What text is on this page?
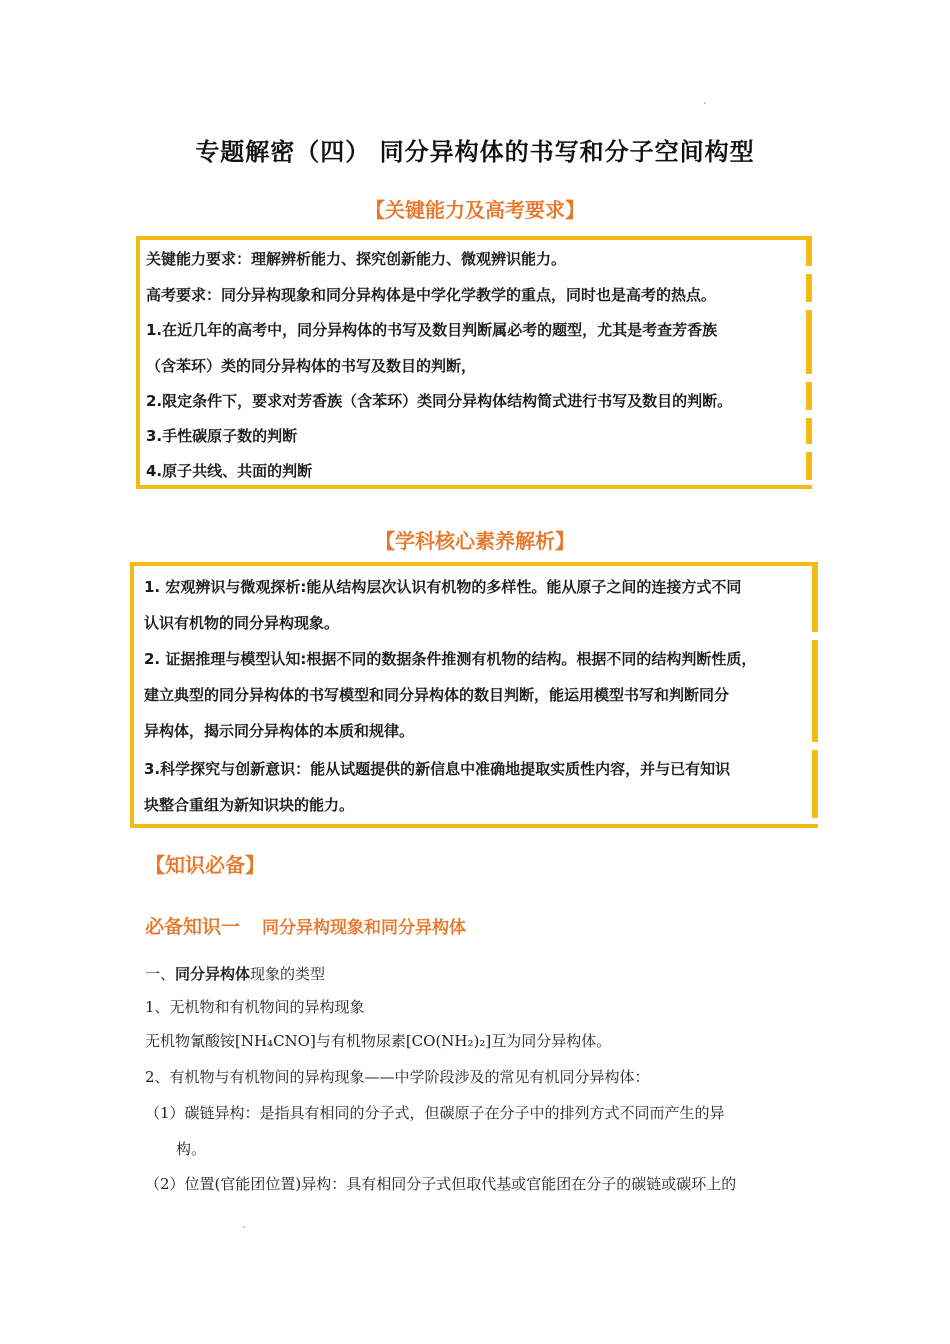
专题解密（四） 同分异构体的书写和分子空间构型
【关键能力及高考要求】
关键能力要求：理解辨析能力、探究创新能力、微观辨识能力。
高考要求：同分异构现象和同分异构体是中学化学教学的重点，同时也是高考的热点。
1.在近几年的高考中，同分异构体的书写及数目判断属必考的题型，尤其是考查芳香族
（含苯环）类的同分异构体的书写及数目的判断，
2.限定条件下，要求对芳香族（含苯环）类同分异构体结构简式进行书写及数目的判断。
3.手性碳原子数的判断
4.原子共线、共面的判断
【学科核心素养解析】
1. 宏观辨识与微观探析:能从结构层次认识有机物的多样性。能从原子之间的连接方式不同
认识有机物的同分异构现象。
2. 证据推理与模型认知:根据不同的数据条件推测有机物的结构。根据不同的结构判断性质，
建立典型的同分异构体的书写模型和同分异构体的数目判断，能运用模型书写和判断同分
异构体，揭示同分异构体的本质和规律。
3.科学探究与创新意识：能从试题提供的新信息中准确地提取实质性内容，并与已有知识
块整合重组为新知识块的能力。
【知识必备】
必备知识一 同分异构现象和同分异构体
一、同分异构体现象的类型
1、无机物和有机物间的异构现象
无机物氰酸铵[NH₄CNO]与有机物尿素[CO(NH₂)₂]互为同分异构体。
2、有机物与有机物间的异构现象——中学阶段涉及的常见有机同分异构体：
（1）碳链异构：是指具有相同的分子式，但碳原子在分子中的排列方式不同而产生的异
构。
（2）位置(官能团位置)异构：具有相同分子式但取代基或官能团在分子的碳链或碳环上的
